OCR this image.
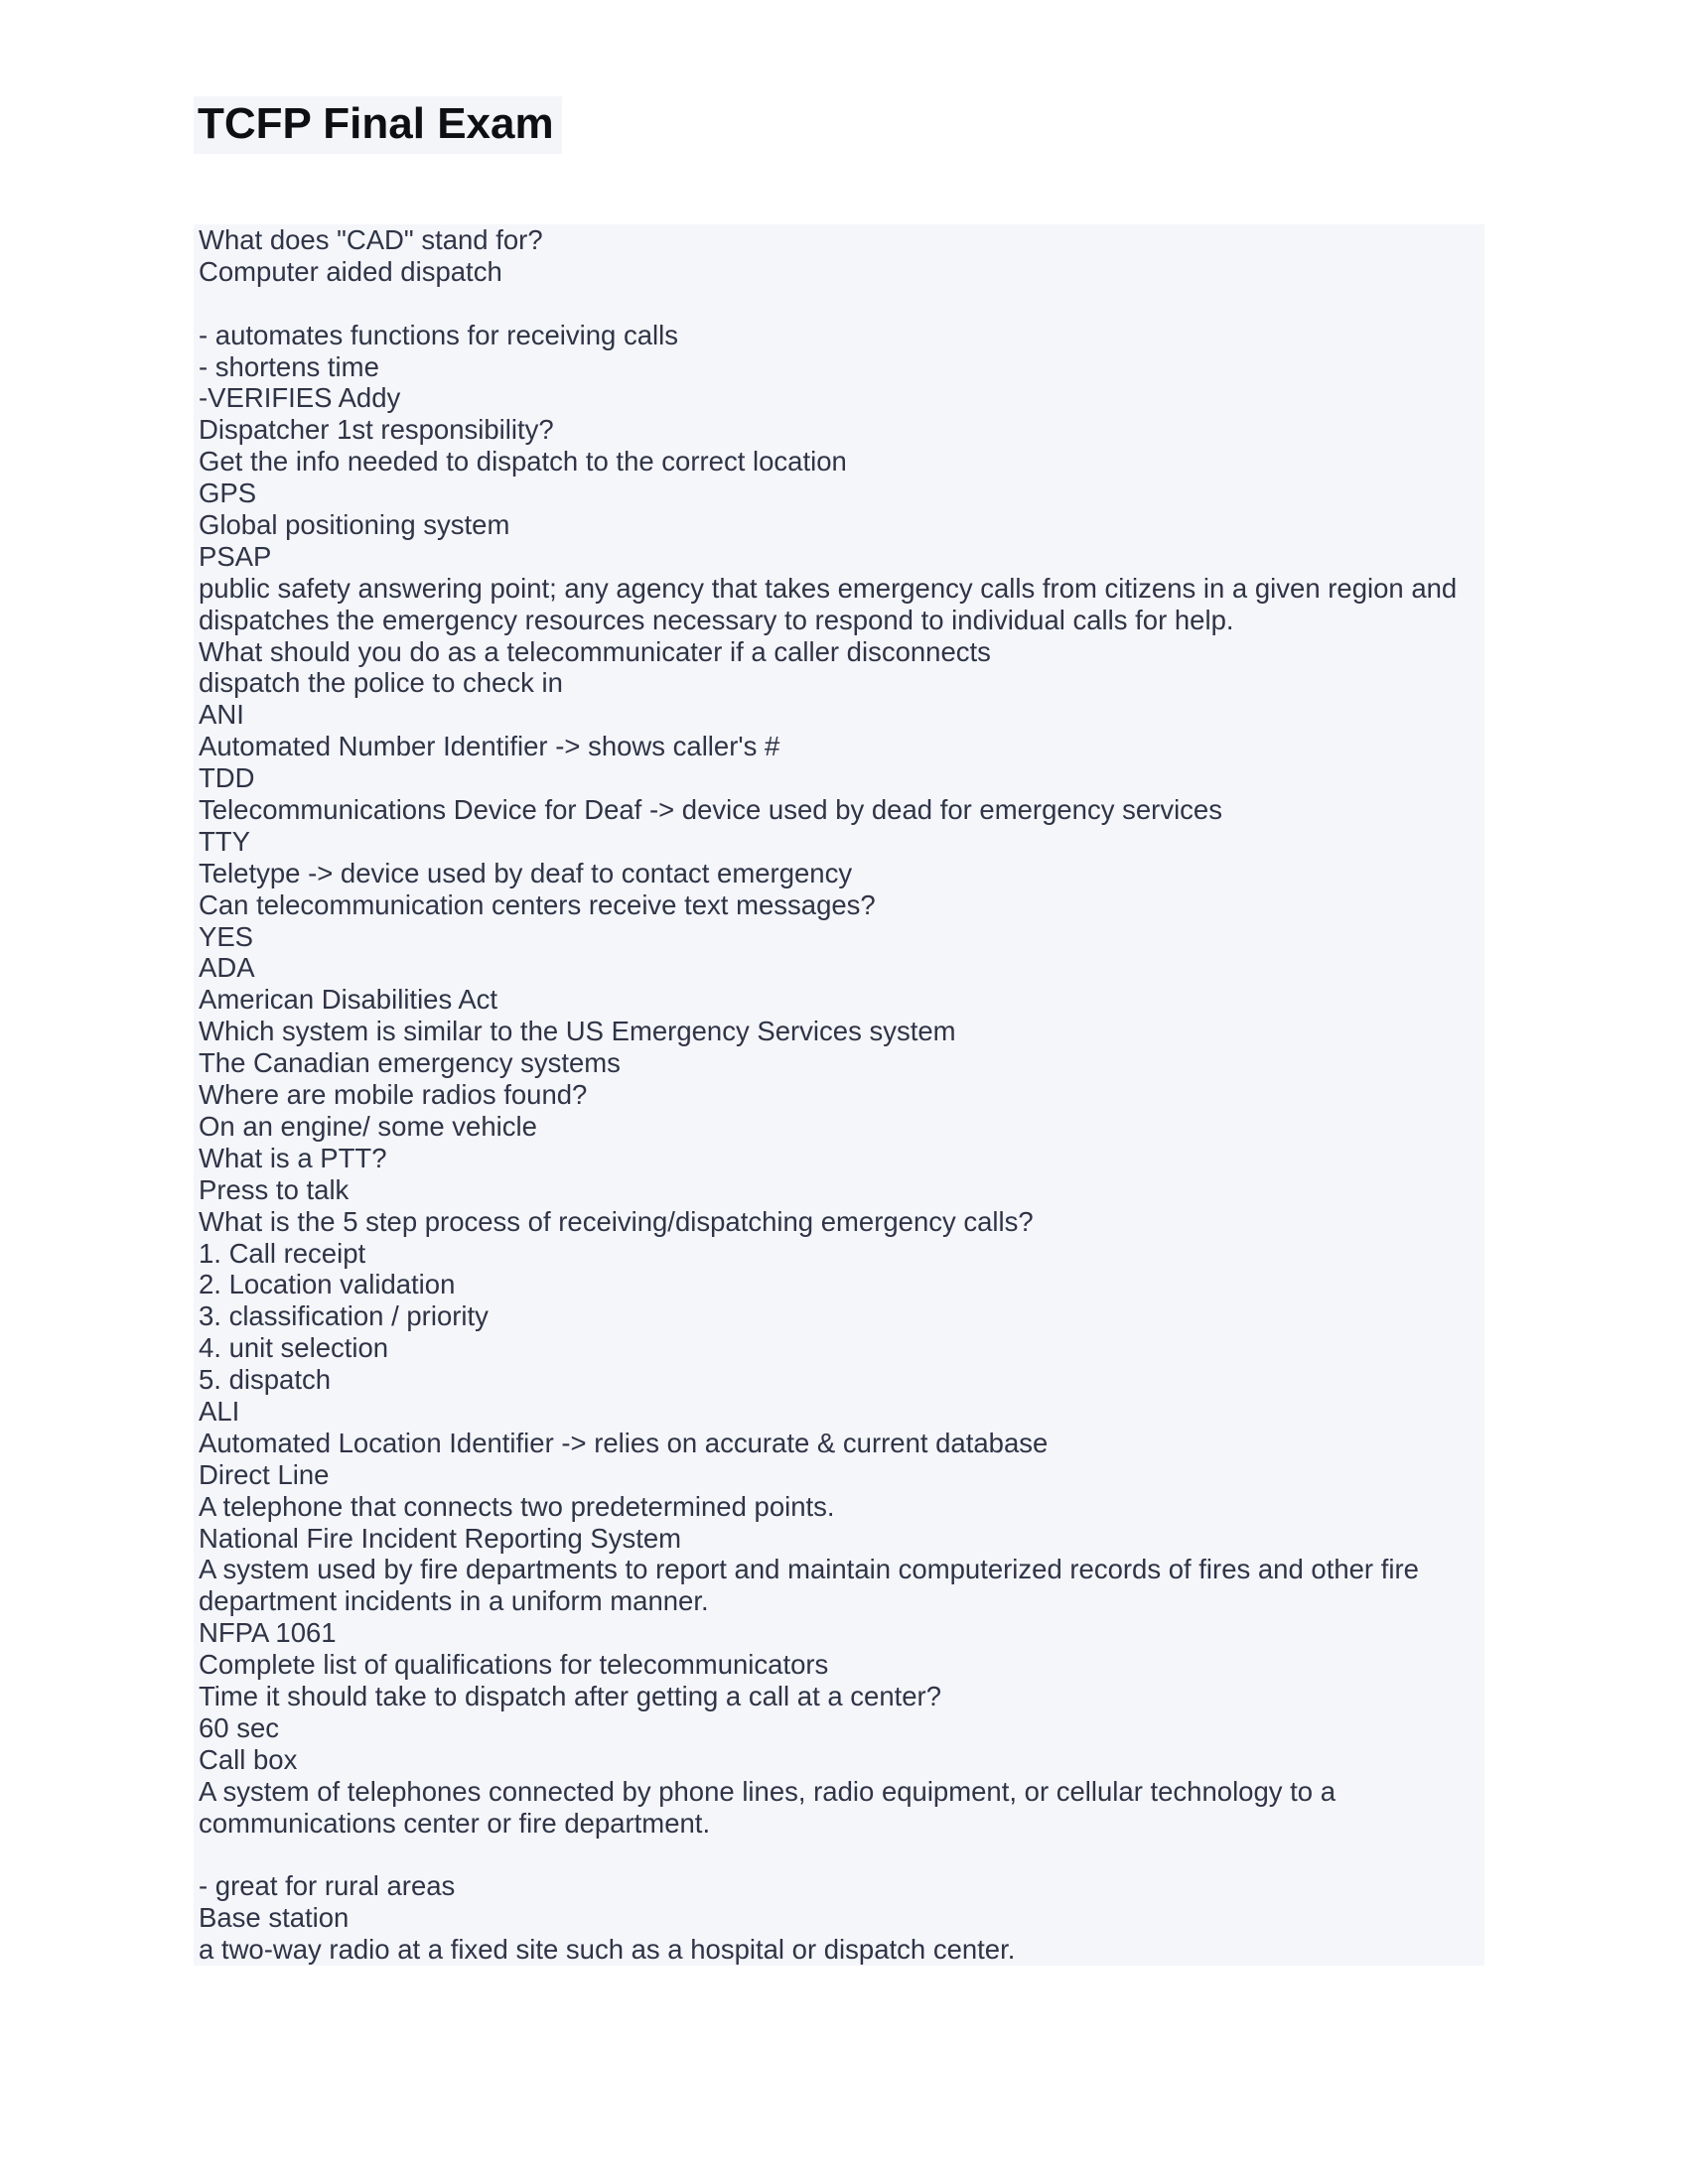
TCFP Final Exam
What does "CAD" stand for?
Computer aided dispatch
- automates functions for receiving calls
- shortens time
-VERIFIES Addy
Dispatcher 1st responsibility?
Get the info needed to dispatch to the correct location
GPS
Global positioning system
PSAP
public safety answering point; any agency that takes emergency calls from citizens in a given region and
dispatches the emergency resources necessary to respond to individual calls for help.
What should you do as a telecommunicater if a caller disconnects
dispatch the police to check in
ANI
Automated Number Identifier -> shows caller's #
TDD
Telecommunications Device for Deaf -> device used by dead for emergency services
TTY
Teletype -> device used by deaf to contact emergency
Can telecommunication centers receive text messages?
YES
ADA
American Disabilities Act
Which system is similar to the US Emergency Services system
The Canadian emergency systems
Where are mobile radios found?
On an engine/ some vehicle
What is a PTT?
Press to talk
What is the 5 step process of receiving/dispatching emergency calls?
1. Call receipt
2. Location validation
3. classification / priority
4. unit selection
5. dispatch
ALI
Automated Location Identifier -> relies on accurate & current database
Direct Line
A telephone that connects two predetermined points.
National Fire Incident Reporting System
A system used by fire departments to report and maintain computerized records of fires and other fire
department incidents in a uniform manner.
NFPA 1061
Complete list of qualifications for telecommunicators
Time it should take to dispatch after getting a call at a center?
60 sec
Call box
A system of telephones connected by phone lines, radio equipment, or cellular technology to a
communications center or fire department.
- great for rural areas
Base station
a two-way radio at a fixed site such as a hospital or dispatch center.
